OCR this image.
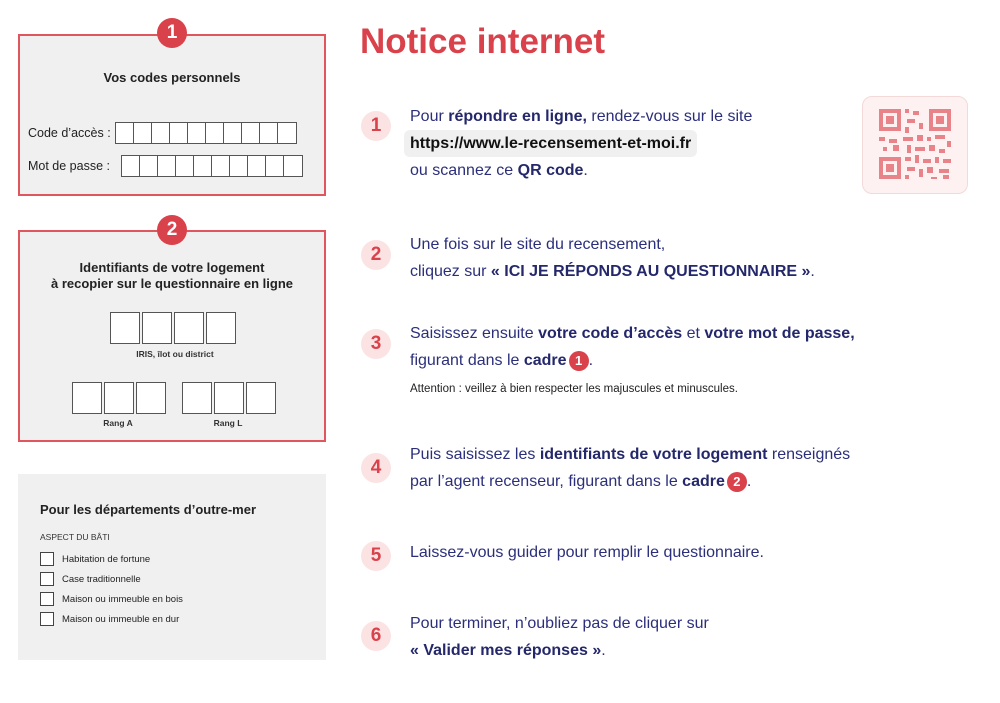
Vos codes personnels
Code d’accès :
Mot de passe :
1
Identifiants de votre logement
à recopier sur le questionnaire en ligne
IRIS, îlot ou district
Rang A	Rang L
2
Pour les départements d’outre-mer
ASPECT DU BÂTI
Habitation de fortune
Case traditionnelle
Maison ou immeuble en bois
Maison ou immeuble en dur
Notice internet
1	Pour répondre en ligne, rendez-vous sur le site
https://www.le-recensement-et-moi.fr
ou scannez ce QR code.
2	Une fois sur le site du recensement,
cliquez sur « ICI JE RÉPONDS AU QUESTIONNAIRE ».
3	Saisissez ensuite votre code d’accès et votre mot de passe,
figurant dans le cadre 1 .
Attention : veillez à bien respecter les majuscules et minuscules.
4
Puis saisissez les identifiants de votre logement renseignés
par l’agent recenseur, figurant dans le cadre 2 .
5	Laissez-vous guider pour remplir le questionnaire.
6
Pour terminer, n’oubliez pas de cliquer sur
« Valider mes réponses ».
